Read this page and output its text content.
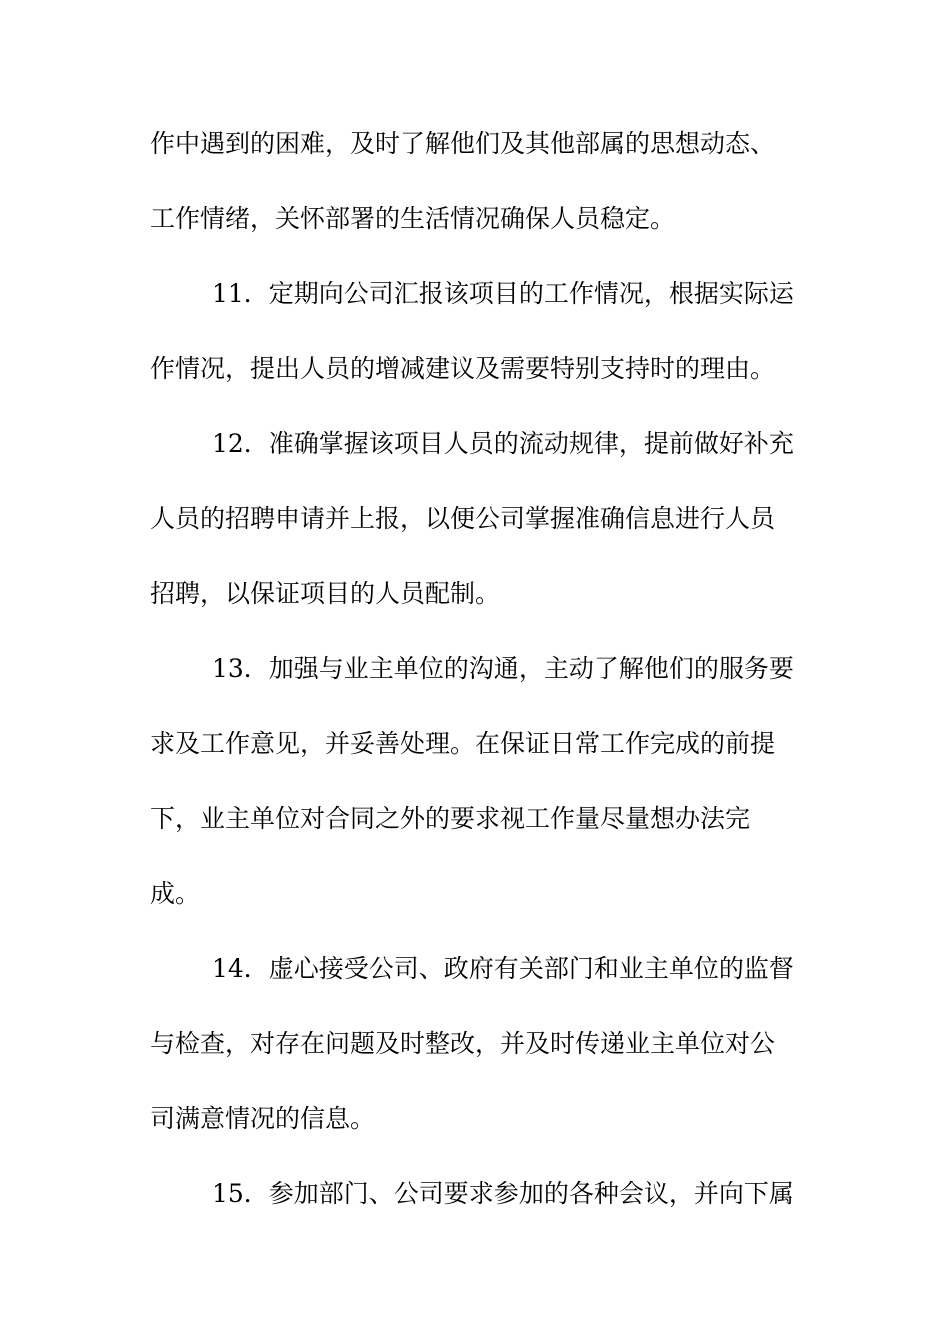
作中遇到的困难，及时了解他们及其他部属的思想动态、
工作情绪，关怀部署的生活情况确保人员稳定。
11．定期向公司汇报该项目的工作情况，根据实际运
作情况，提出人员的增减建议及需要特别支持时的理由。
12．准确掌握该项目人员的流动规律，提前做好补充
人员的招聘申请并上报，以便公司掌握准确信息进行人员
招聘，以保证项目的人员配制。
13．加强与业主单位的沟通，主动了解他们的服务要
求及工作意见，并妥善处理。在保证日常工作完成的前提
下，业主单位对合同之外的要求视工作量尽量想办法完
成。
14．虚心接受公司、政府有关部门和业主单位的监督
与检查，对存在问题及时整改，并及时传递业主单位对公
司满意情况的信息。
15．参加部门、公司要求参加的各种会议，并向下属
